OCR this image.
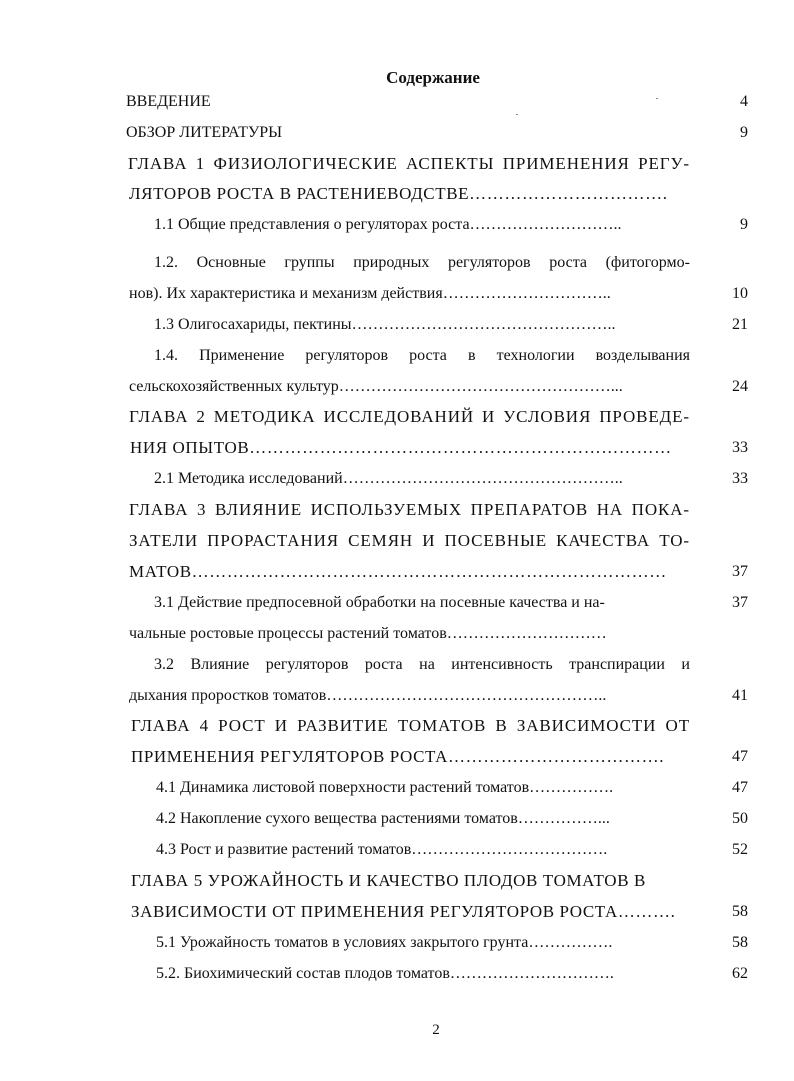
Содержание
ВВЕДЕНИЕ	4
ОБЗОР ЛИТЕРАТУРЫ	9
ГЛАВА 1 ФИЗИОЛОГИЧЕСКИЕ АСПЕКТЫ ПРИМЕНЕНИЯ РЕГУ-
ЛЯТОРОВ РОСТА В РАСТЕНИЕВОДСТВЕ…………………………….
1.1 Общие представления о регуляторах роста………………………..	9
1.2. Основные группы природных регуляторов роста (фитогормо-
нов). Их характеристика и механизм действия…………………………..	10
1.3 Олигосахариды, пектины…………………………………………..	21
1.4. Применение регуляторов роста в технологии возделывания
сельскохозяйственных культур……………………………………………...	24
ГЛАВА 2 МЕТОДИКА ИССЛЕДОВАНИЙ И УСЛОВИЯ ПРОВЕДЕ-
НИЯ ОПЫТОВ………………………………………………………………	33
2.1 Методика исследований……………………………………………..	33
ГЛАВА 3 ВЛИЯНИЕ ИСПОЛЬЗУЕМЫХ ПРЕПАРАТОВ НА ПОКА-
ЗАТЕЛИ ПРОРАСТАНИЯ СЕМЯН И ПОСЕВНЫЕ КАЧЕСТВА ТО-
МАТОВ………………………………………………………………………	37
3.1 Действие предпосевной обработки на посевные качества и на-	37
чальные ростовые процессы растений томатов…………………………
3.2 Влияние регуляторов роста на интенсивность транспирации и
дыхания проростков томатов……………………………………………..	41
ГЛАВА 4 РОСТ И РАЗВИТИЕ ТОМАТОВ В ЗАВИСИМОСТИ ОТ
ПРИМЕНЕНИЯ РЕГУЛЯТОРОВ РОСТА……………………………….	47
4.1 Динамика листовой поверхности растений томатов…………….	47
4.2 Накопление сухого вещества растениями томатов……………...	50
4.3 Рост и развитие растений томатов……………………………….	52
ГЛАВА 5 УРОЖАЙНОСТЬ И КАЧЕСТВО ПЛОДОВ ТОМАТОВ В
ЗАВИСИМОСТИ ОТ ПРИМЕНЕНИЯ РЕГУЛЯТОРОВ РОСТА……….	58
5.1 Урожайность томатов в условиях закрытого грунта…………….	58
5.2. Биохимический состав плодов томатов………………………….	62
2
